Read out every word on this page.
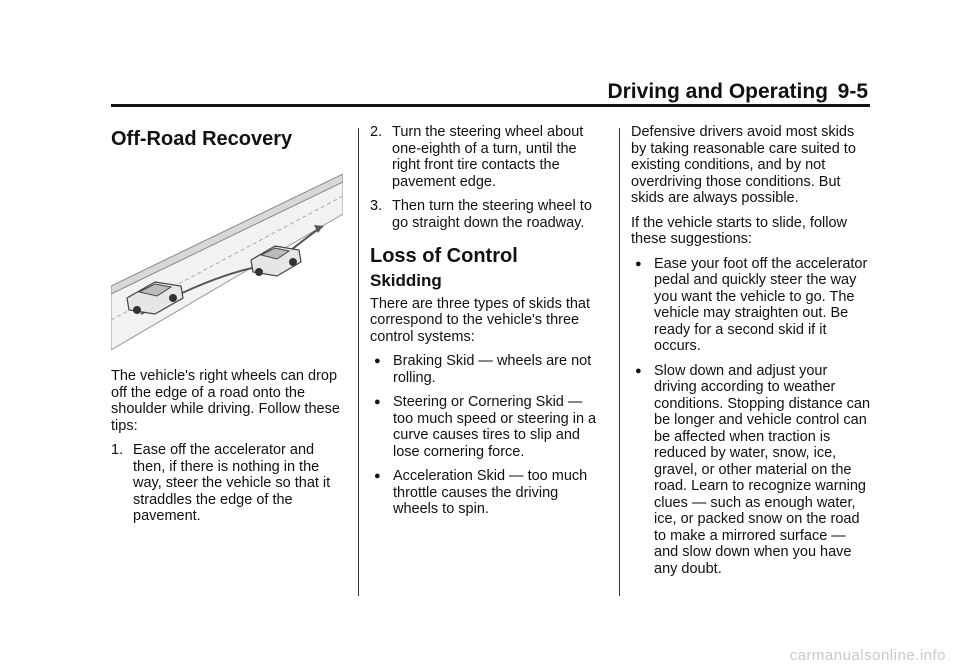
Driving and Operating 9-5
Off-Road Recovery

The vehicle's right wheels can drop off the edge of a road onto the shoulder while driving. Follow these tips:

1. Ease off the accelerator and then, if there is nothing in the way, steer the vehicle so that it straddles the edge of the pavement.
2. Turn the steering wheel about one-eighth of a turn, until the right front tire contacts the pavement edge.
3. Then turn the steering wheel to go straight down the roadway.
Loss of Control
Skidding

There are three types of skids that correspond to the vehicle's three control systems:

● Braking Skid — wheels are not rolling.
● Steering or Cornering Skid — too much speed or steering in a curve causes tires to slip and lose cornering force.
● Acceleration Skid — too much throttle causes the driving wheels to spin.

Defensive drivers avoid most skids by taking reasonable care suited to existing conditions, and by not overdriving those conditions. But skids are always possible.

If the vehicle starts to slide, follow these suggestions:

● Ease your foot off the accelerator pedal and quickly steer the way you want the vehicle to go. The vehicle may straighten out. Be ready for a second skid if it occurs.
● Slow down and adjust your driving according to weather conditions. Stopping distance can be longer and vehicle control can be affected when traction is reduced by water, snow, ice, gravel, or other material on the road. Learn to recognize warning clues — such as enough water, ice, or packed snow on the road to make a mirrored surface — and slow down when you have any doubt.
carmanualsonline.info
